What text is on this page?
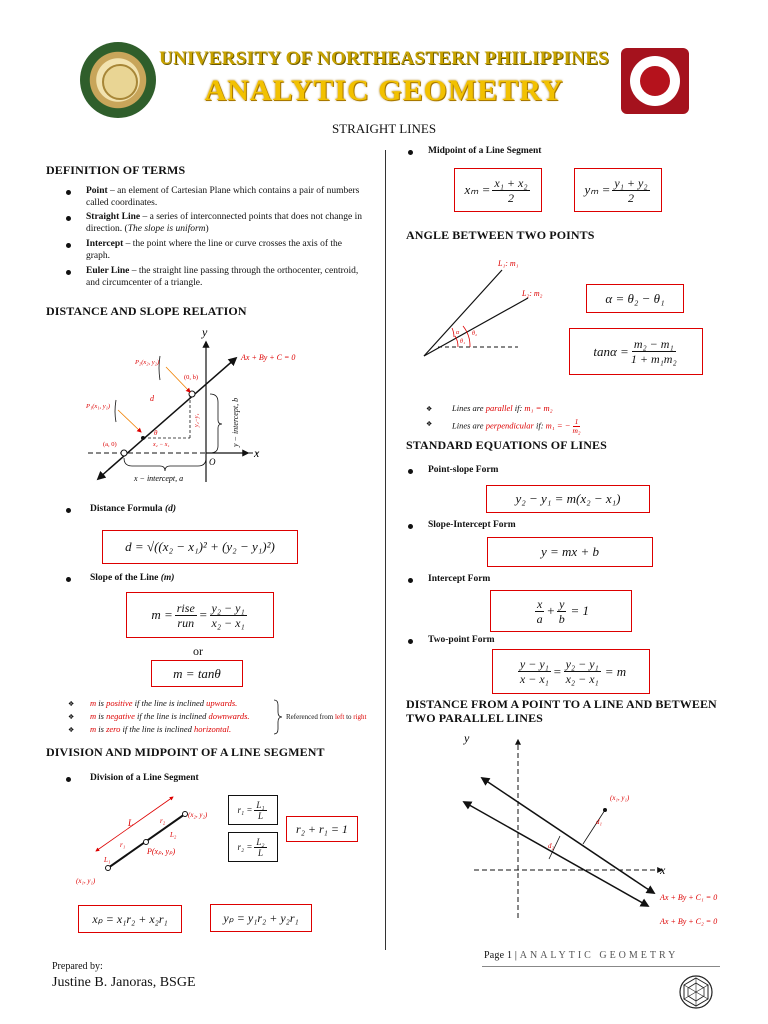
UNIVERSITY OF NORTHEASTERN PHILIPPINES
ANALYTIC GEOMETRY
STRAIGHT LINES
DEFINITION OF TERMS
Point – an element of Cartesian Plane which contains a pair of numbers called coordinates.
Straight Line – a series of interconnected points that does not change in direction. (The slope is uniform)
Intercept – the point where the line or curve crosses the axis of the graph.
Euler Line – the straight line passing through the orthocenter, centroid, and circumcenter of a triangle.
DISTANCE AND SLOPE RELATION
y
x
O
Ax + By + C = 0
P₂(x₂, y₂)
P₁(x₁, y₁)
(0, b)
(a, 0)
d
θ
x₂ − x₁
y₂−y₁	y − intercept, b
x − intercept, a
Distance Formula (d)
d = √((x₂ − x₁)² + (y₂ − y₁)²)
Slope of the Line (m)
$m = \frac{\text{rise}}{\text{run}} = \frac{\text{y₂ − y₁}}{\text{x₂ − x₁}}$
or
m = tanθ
❖ m is positive if the line is inclined upwards.
❖ m is negative if the line is inclined downwards.
❖ m is zero if the line is inclined horizontal.
Referenced from left to right
DIVISION AND MIDPOINT OF A LINE SEGMENT
Division of a Line Segment
L
r₁
r₂
L₁
L₂
P(xₚ, yₚ)
(x₁, y₁)
(x₂, y₂)	$r_1 = \frac{\text{L₁}}{L}$
$r_2 = \frac{\text{L₂}}{L}$
r₂ + r₁ = 1
xₚ = x₁r₂ + x₂r₁	yₚ = y₁r₂ + y₂r₁
Midpoint of a Line Segment
$x_m = \frac{\text{x₁ + x₂}}{2}$	$y_m = \frac{\text{y₁ + y₂}}{2}$
ANGLE BETWEEN TWO POINTS
L₁: m₁
L₂: m₂
α
θ₁
θ₂
α = θ₂ − θ₁
$\tan\alpha = \frac{\text{m₂ − m₁}}{\text{1 + m₁m₂}}$
❖ Lines are parallel if: m₁ = m₂
❖ Lines are perpendicular if: m₁ = − $\frac{1}{\text{m₂}}$
STANDARD EQUATIONS OF LINES
Point-slope Form
y₂ − y₁ = m(x₂ − x₁)
Slope-Intercept Form
y = mx + b
Intercept Form
$\frac{x}{a} + \frac{y}{b} = 1$
Two-point Form
$\frac{\text{y − y₁}}{\text{x − x₁}} = \frac{\text{y₂ − y₁}}{\text{x₂ − x₁}} = m$
DISTANCE FROM A POINT TO A LINE AND BETWEEN
TWO PARALLEL LINES
y
x
(x₁, y₁)
d₁
d₂
Ax + By + C₁ = 0
Ax + By + C₂ = 0
Prepared by:
Justine B. Janoras, BSGE
Page 1 | ANALYTIC GEOMETRY
